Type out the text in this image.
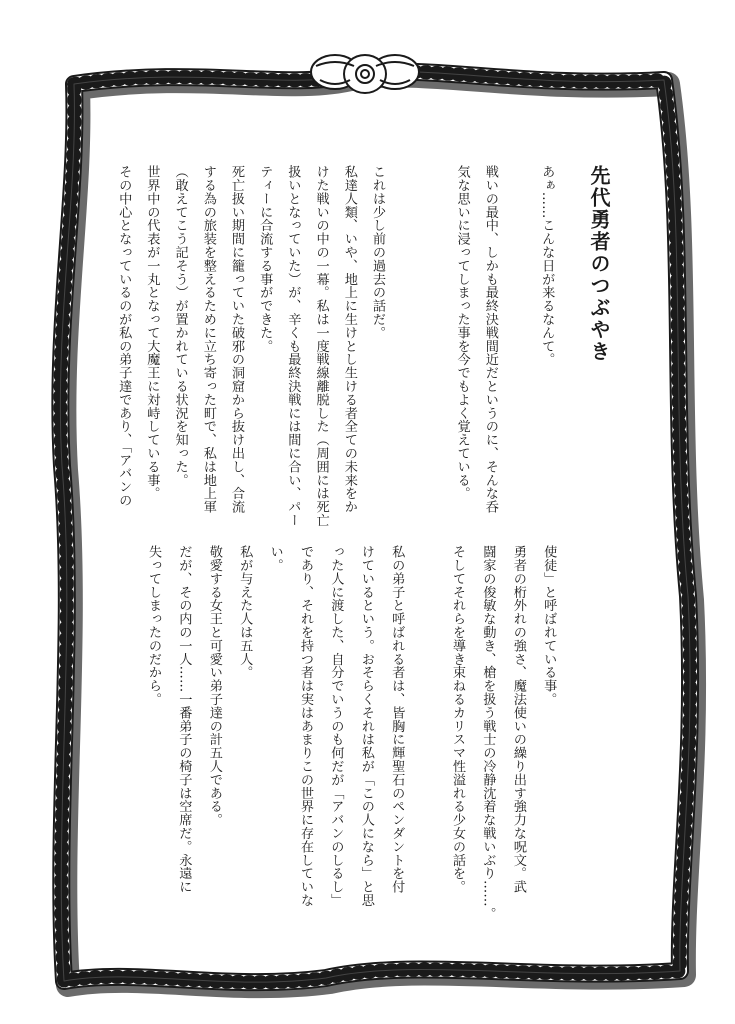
先代勇者のつぶやき
あぁ……こんな日が来るなんて。
戦いの最中、しかも最終決戦間近だというのに、そんな呑
気な思いに浸ってしまった事を今でもよく覚えている。
これは少し前の過去の話だ。
私達人類、いや、地上に生けとし生ける者全ての未来をか
けた戦いの中の一幕。私は一度戦線離脱した（周囲には死亡
扱いとなっていた）が、辛くも最終決戦には間に合い、パー
ティーに合流する事ができた。
死亡扱い期間に籠っていた破邪の洞窟から抜け出し、合流
する為の旅装を整えるために立ち寄った町で、私は地上軍
（敢えてこう記そう）が置かれている状況を知った。
世界中の代表が一丸となって大魔王に対峙している事。
その中心となっているのが私の弟子達であり、「アバンの
使徒」と呼ばれている事。
勇者の桁外れの強さ、魔法使いの繰り出す強力な呪文。武
闘家の俊敏な動き、槍を扱う戦士の冷静沈着な戦いぶり……。
そしてそれらを導き束ねるカリスマ性溢れる少女の話を。
私の弟子と呼ばれる者は、皆胸に輝聖石のペンダントを付
けているという。おそらくそれは私が「この人になら」と思
った人に渡した、自分でいうのも何だが「アバンのしるし」
であり、それを持つ者は実はあまりこの世界に存在していな
い。
私が与えた人は五人。
敬愛する女王と可愛い弟子達の計五人である。
だが、その内の一人……一番弟子の椅子は空席だ。永遠に
失ってしまったのだから。
